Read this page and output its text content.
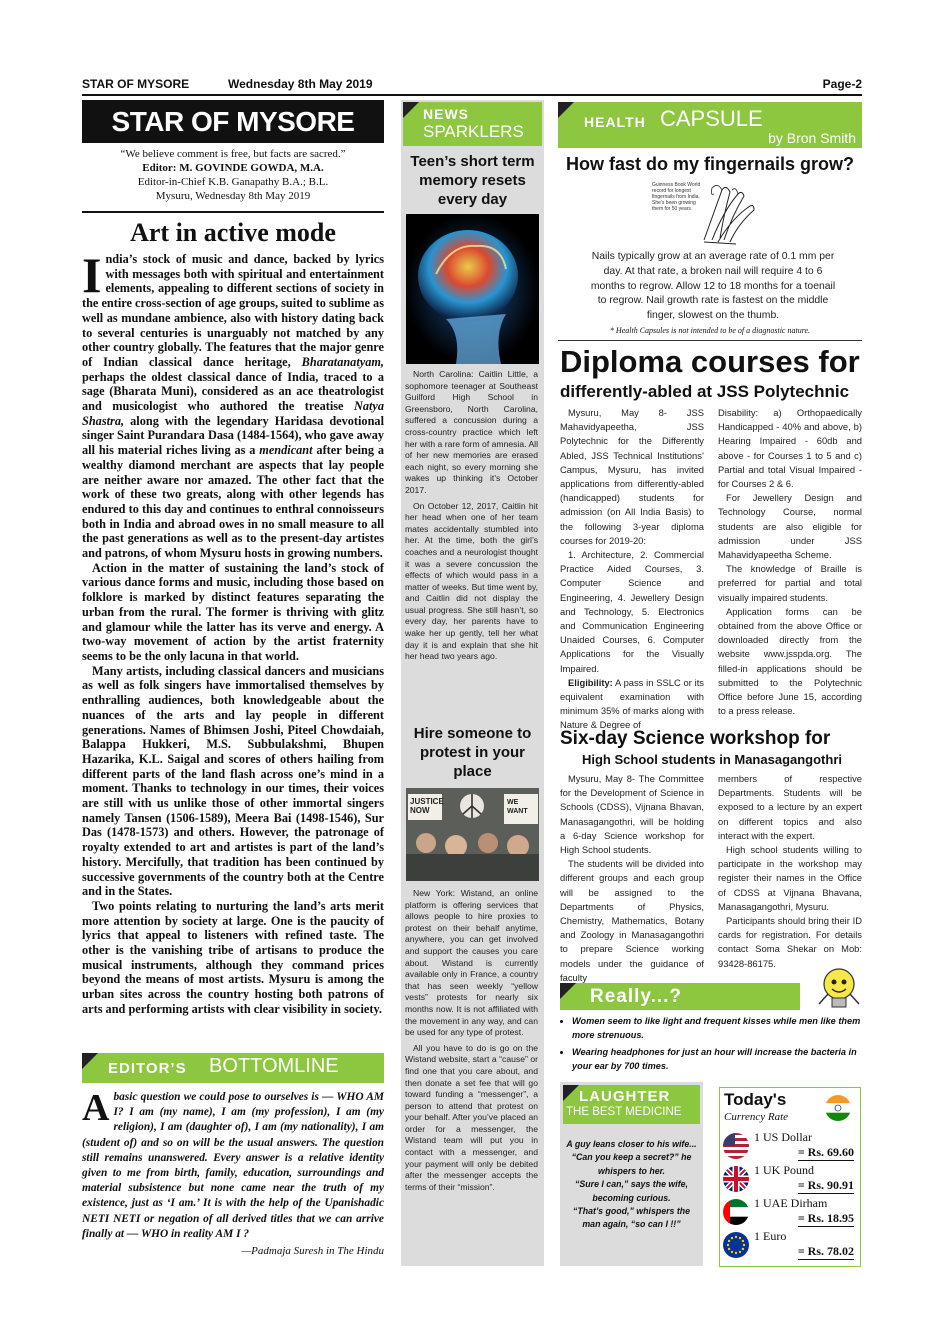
STAR OF MYSORE	Wednesday 8th May 2019	Page-2
STAR OF MYSORE
“We believe comment is free, but facts are sacred.”
Editor: M. GOVINDE GOWDA, M.A.
Editor-in-Chief K.B. Ganapathy B.A.; B.L.
Mysuru, Wednesday 8th May 2019
Art in active mode

India’s stock of music and dance, backed by lyrics with messages both with spiritual and entertainment elements, appealing to different sections of society in the entire cross-section of age groups, suited to sublime as well as mundane ambience, also with history dating back to several centuries is unarguably not matched by any other country globally. The features that the major genre of Indian classical dance heritage, Bharatanatyam, perhaps the oldest classical dance of India, traced to a sage (Bharata Muni), considered as an ace theatrologist and musicologist who authored the treatise Natya Shastra, along with the legendary Haridasa devotional singer Saint Purandara Dasa (1484-1564), who gave away all his material riches living as a mendicant after being a wealthy diamond merchant are aspects that lay people are neither aware nor amazed. The other fact that the work of these two greats, along with other legends has endured to this day and continues to enthral connoisseurs both in India and abroad owes in no small measure to all the past generations as well as to the present-day artistes and patrons, of whom Mysuru hosts in growing numbers.

Action in the matter of sustaining the land’s stock of various dance forms and music, including those based on folklore is marked by distinct features separating the urban from the rural. The former is thriving with glitz and glamour while the latter has its verve and energy. A two-way movement of action by the artist fraternity seems to be the only lacuna in that world.

Many artists, including classical dancers and musicians as well as folk singers have immortalised themselves by enthralling audiences, both knowledgeable about the nuances of the arts and lay people in different generations. Names of Bhimsen Joshi, Piteel Chowdaiah, Balappa Hukkeri, M.S. Subbulakshmi, Bhupen Hazarika, K.L. Saigal and scores of others hailing from different parts of the land flash across one’s mind in a moment. Thanks to technology in our times, their voices are still with us unlike those of other immortal singers namely Tansen (1506-1589), Meera Bai (1498-1546), Sur Das (1478-1573) and others. However, the patronage of royalty extended to art and artistes is part of the land’s history. Mercifully, that tradition has been continued by successive governments of the country both at the Centre and in the States.

Two points relating to nurturing the land’s arts merit more attention by society at large. One is the paucity of lyrics that appeal to listeners with refined taste. The other is the vanishing tribe of artisans to produce the musical instruments, although they command prices beyond the means of most artists. Mysuru is among the urban sites across the country hosting both patrons of arts and performing artists with clear visibility in society.

EDITOR’S BOTTOMLINE
Abasic question we could pose to ourselves is — WHO AM I? I am (my name), I am (my profession), I am (my religion), I am (daughter of), I am (my nationality), I am (student of) and so on will be the usual answers. The question still remains unanswered. Every answer is a relative identity given to me from birth, family, education, surroundings and material subsistence but none came near the truth of my existence, just as ‘I am.’ It is with the help of the Upanishadic NETI NETI or negation of all derived titles that we can arrive finally at — WHO in reality AM I ?
—Padmaja Suresh in The Hindu
NEWS
SPARKLERS
Teen’s short term memory resets every day

North Carolina: Caitlin Little, a sophomore teenager at Southeast Guilford High School in Greensboro, North Carolina, suffered a concussion during a cross-country practice which left her with a rare form of amnesia. All of her new memories are erased each night, so every morning she wakes up thinking it’s October 2017.

On October 12, 2017, Caitlin hit her head when one of her team mates accidentally stumbled into her. At the time, both the girl’s coaches and a neurologist thought it was a severe concussion the effects of which would pass in a matter of weeks. But time went by, and Caitlin did not display the usual progress. She still hasn’t, so every day, her parents have to wake her up gently, tell her what day it is and explain that she hit her head two years ago.

Hire someone to protest in your place
JUSTICE NOW
WE WANT

New York: Wistand, an online platform is offering services that allows people to hire proxies to protest on their behalf anytime, anywhere, you can get involved and support the causes you care about. Wistand is currently available only in France, a country that has seen weekly “yellow vests” protests for nearly six months now. It is not affiliated with the movement in any way, and can be used for any type of protest.

All you have to do is go on the Wistand website, start a “cause” or find one that you care about, and then donate a set fee that will go toward funding a “messenger”, a person to attend that protest on your behalf. After you’ve placed an order for a messenger, the Wistand team will put you in contact with a messenger, and your payment will only be debited after the messenger accepts the terms of their “mission”.

HEALTH CAPSULE
by Bron Smith
How fast do my fingernails grow?
Guinness Book World record for longest fingernails from India. She’s been growing them for 50 years.
Nails typically grow at an average rate of 0.1 mm per day. At that rate, a broken nail will require 4 to 6 months to regrow. Allow 12 to 18 months for a toenail to regrow. Nail growth rate is fastest on the middle finger, slowest on the thumb.
* Health Capsules is not intended to be of a diagnostic nature.
Diploma courses for
differently-abled at JSS Polytechnic

Mysuru, May 8- JSS Mahavidyapeetha, JSS Polytechnic for the Differently Abled, JSS Technical Institutions’ Campus, Mysuru, has invited applications from differently-abled (handicapped) students for admission (on All India Basis) to the following 3-year diploma courses for 2019-20:

1. Architecture, 2. Commercial Practice Aided Courses, 3. Computer Science and Engineering, 4. Jewellery Design and Technology, 5. Electronics and Communication Engineering Unaided Courses, 6. Computer Applications for the Visually Impaired.

Eligibility: A pass in SSLC or its equivalent examination with minimum 35% of marks along with Nature & Degree of

Disability: a) Orthopaedically Handicapped - 40% and above, b) Hearing Impaired - 60db and above - for Courses 1 to 5 and c) Partial and total Visual Impaired - for Courses 2 & 6.

For Jewellery Design and Technology Course, normal students are also eligible for admission under JSS Mahavidyapeetha Scheme.

The knowledge of Braille is preferred for partial and total visually impaired students.

Application forms can be obtained from the above Office or downloaded directly from the website www.jsspda.org. The filled-in applications should be submitted to the Polytechnic Office before June 15, according to a press release.

Six-day Science workshop for
High School students in Manasagangothri

Mysuru, May 8- The Committee for the Development of Science in Schools (CDSS), Vijnana Bhavan, Manasagangothri, will be holding a 6-day Science workshop for High School students.

The students will be divided into different groups and each group will be assigned to the Departments of Physics, Chemistry, Mathematics, Botany and Zoology in Manasagangothri to prepare Science working models under the guidance of faculty

members of respective Departments. Students will be exposed to a lecture by an expert on different topics and also interact with the expert.

High school students willing to participate in the workshop may register their names in the Office of CDSS at Vijnana Bhavana, Manasagangothri, Mysuru.

Participants should bring their ID cards for registration. For details contact Soma Shekar on Mob: 93428-86175.

Really...?
• Women seem to like light and frequent kisses while men like them more strenuous.
• Wearing headphones for just an hour will increase the bacteria in your ear by 700 times.
LAUGHTER
THE BEST MEDICINE
A guy leans closer to his wife...
“Can you keep a secret?” he whispers to her.
“Sure I can,” says the wife, becoming curious.
“That’s good,” whispers the man again, “so can I !!”
Today's
Currency Rate
1 US Dollar
= Rs. 69.60
1 UK Pound
= Rs. 90.91
1 UAE Dirham
= Rs. 18.95
1 Euro
= Rs. 78.02
